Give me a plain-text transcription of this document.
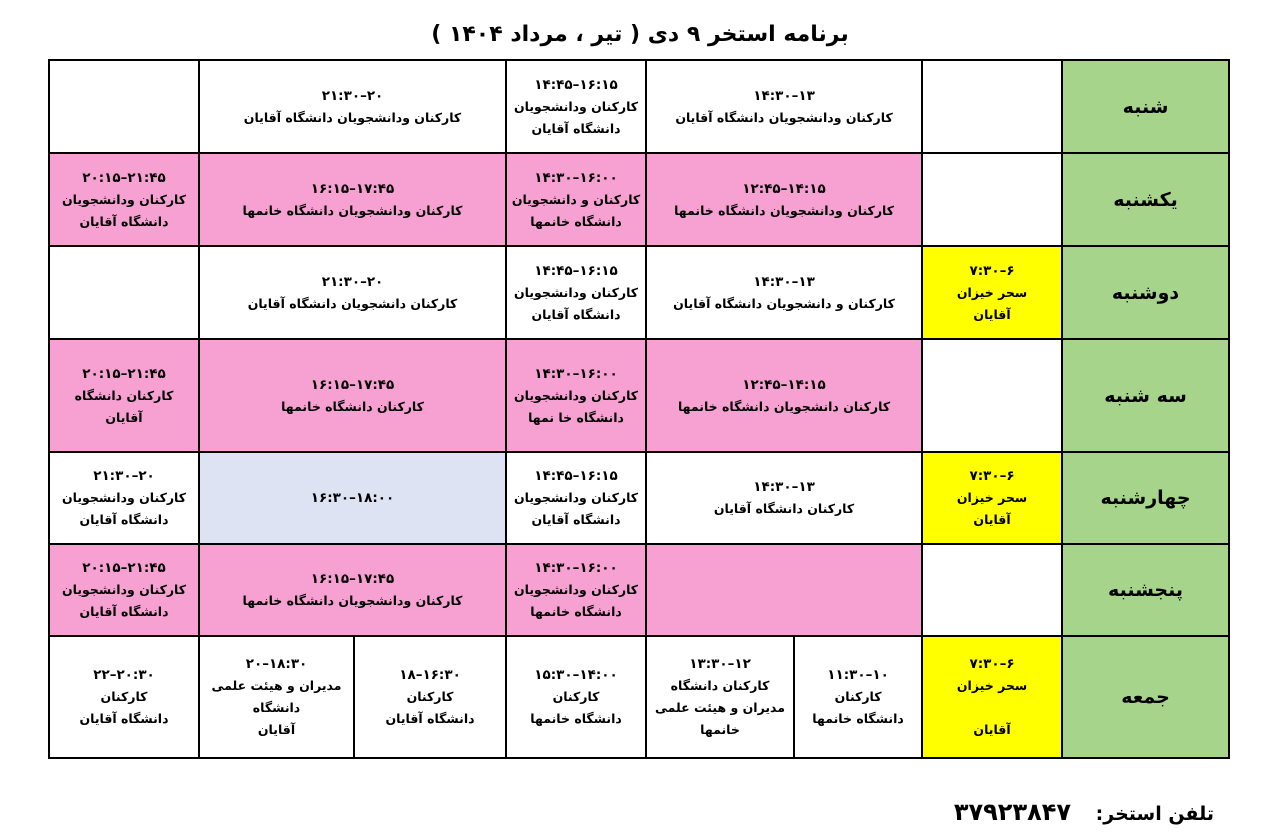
برنامه استخر ۹ دی ( تیر ، مرداد ۱۴۰۴ )
شنبه		۱۳–۱۴:۳۰
کارکنان ودانشجویان دانشگاه آقایان		۱۶:۱۵–۱۴:۴۵
کارکنان ودانشجویان
دانشگاه آقایان	۲۰–۲۱:۳۰
کارکنان ودانشجویان دانشگاه آقایان		

یکشنبه		۱۴:۱۵–۱۲:۴۵
کارکنان ودانشجویان دانشگاه خانمها		۱۶:۰۰–۱۴:۳۰
کارکنان و دانشجویان
دانشگاه خانمها	۱۷:۴۵–۱۶:۱۵
کارکنان ودانشجویان دانشگاه خانمها		۲۱:۴۵–۲۰:۱۵
کارکنان ودانشجویان
دانشگاه آقایان

دوشنبه	۶–۷:۳۰
سحر خیزان
آقایان	۱۳–۱۴:۳۰
کارکنان و دانشجویان دانشگاه آقایان		۱۶:۱۵–۱۴:۴۵
کارکنان ودانشجویان
دانشگاه آقایان	۲۰–۲۱:۳۰
کارکنان دانشجویان دانشگاه آقایان		

سه شنبه		۱۴:۱۵–۱۲:۴۵
کارکنان دانشجویان دانشگاه خانمها		۱۶:۰۰–۱۴:۳۰
کارکنان ودانشجویان
دانشگاه خا نمها	۱۷:۴۵–۱۶:۱۵
کارکنان دانشگاه خانمها		۲۱:۴۵–۲۰:۱۵
کارکنان دانشگاه
آقایان

چهارشنبه	۶–۷:۳۰
سحر خیزان
آقایان	۱۳–۱۴:۳۰
کارکنان دانشگاه آقایان		۱۶:۱۵–۱۴:۴۵
کارکنان ودانشجویان
دانشگاه آقایان	۱۸:۰۰–۱۶:۳۰		۲۰–۲۱:۳۰
کارکنان ودانشجویان
دانشگاه آقایان

پنجشنبه				۱۶:۰۰–۱۴:۳۰
کارکنان ودانشجویان
دانشگاه خانمها	۱۷:۴۵–۱۶:۱۵
کارکنان ودانشجویان دانشگاه خانمها		۲۱:۴۵–۲۰:۱۵
کارکنان ودانشجویان
دانشگاه آقایان

جمعه	۶–۷:۳۰
سحر خیزان

آقایان	۱۰–۱۱:۳۰
کارکنان
دانشگاه خانمها	۱۲–۱۳:۳۰
کارکنان دانشگاه
مدیران و هیئت علمی
خانمها	۱۴:۰۰–۱۵:۳۰
کارکنان
دانشگاه خانمها	۱۶:۳۰–۱۸
کارکنان
دانشگاه آقایان	۱۸:۳۰–۲۰
مدیران و هیئت علمی
دانشگاه
آقایان	۲۰:۳۰–۲۲
کارکنان
دانشگاه آقایان
تلفن استخر: ۳۷۹۲۳۸۴۷
